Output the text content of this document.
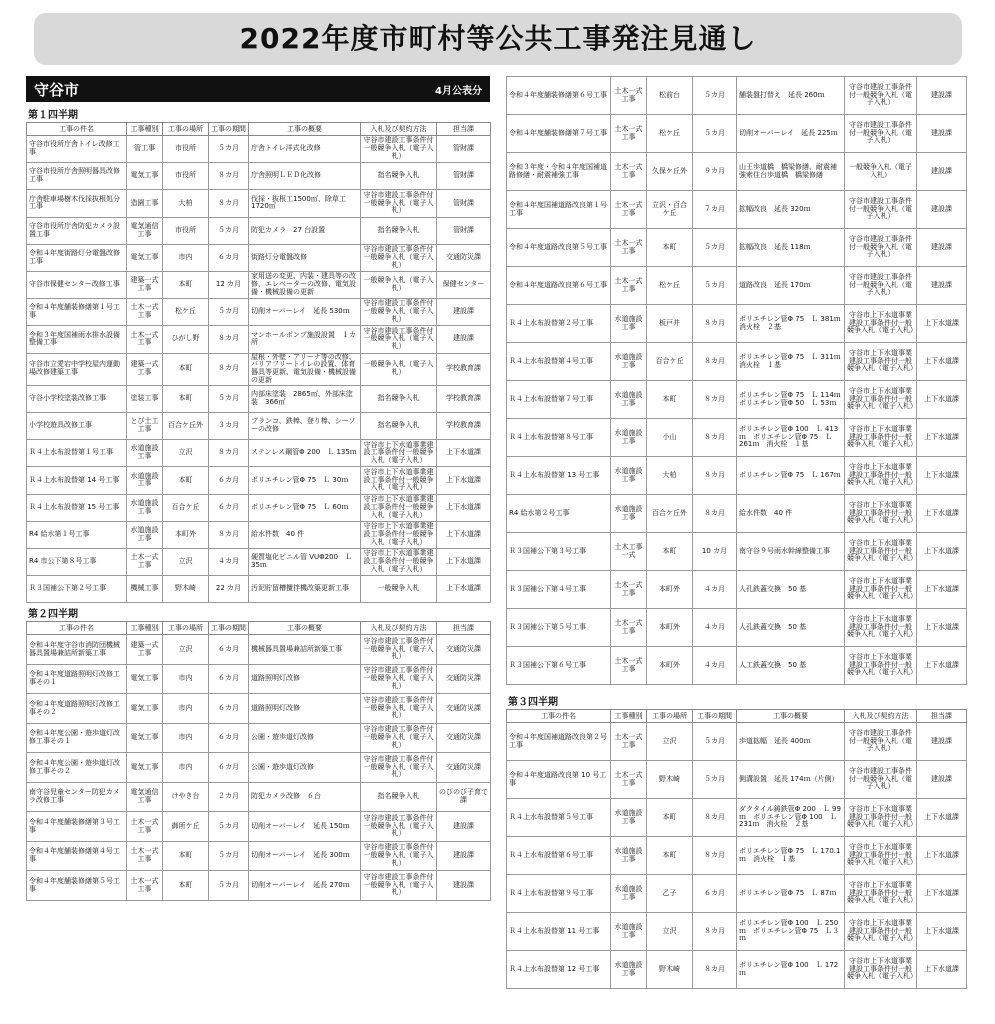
2022年度市町村等公共工事発注見通し
守谷市	4月公表分
第１四半期
工事の件名	工事種別	工事の場所	工事の期間	工事の概要	入札及び契約方法	担当課
守谷市役所庁舎トイレ改修工事	管工事	市役所	５カ月	庁舎トイレ洋式化改修	守谷市建設工事条件付一般競争入札（電子入札）	管財課
守谷市役所庁舎照明器具改修工事	電気工事	市役所	８カ月	庁舎照明ＬＥＤ化改修	指名競争入札	管財課
庁舎駐車場樹木伐採抜根処分工事	造園工事	大柏	８カ月	伐採・抜根工1500㎡、除草工 1720㎡	守谷市建設工事条件付一般競争入札（電子入札）	管財課
守谷市役所庁舎防犯カメラ設置工事	電気通信工事	市役所	５カ月	防犯カメラ　27 台設置	指名競争入札	管財課
令和４年度街路灯分電盤改修工事	電気工事	市内	６カ月	街路灯分電盤改修	守谷市建設工事条件付一般競争入札（電子入札）	交通防災課
守谷市保健センター改修工事	建築一式工事	本町	12 カ月	家用送の変更、内装・建具等の改修、エレベーターの改修、電気設備・機械設備の更新	一般競争入札（電子入札）	保健センター
令和４年度舗装修繕第１号工事	土木一式工事	松ケ丘	５カ月	切削オーバーレイ　延長 530ｍ	守谷市建設工事条件付一般競争入札（電子入札）	建設課
令和３年度国補雨水排水設備整備工事	土木一式工事	ひがし野	８カ月	マンホールポンプ施設設置　１カ所	守谷市建設工事条件付一般競争入札（電子入札）	建設課
守谷市立愛宕中学校屋内運動場改修建築工事	建築一式工事	本町	８カ月	屋根・外壁・アリーナ等の改修、バリアフリートイレの設置、体育器具等更新、電気設備・機械設備の更新	一般競争入札（電子入札）	学校教育課
守谷小学校塗装改修工事	塗装工事	本町	５カ月	内部床塗装　2865㎡、外部床塗装　366㎡	指名競争入札	学校教育課
小学校遊具改修工事	とび土工工事	百合ケ丘外	３カ月	ブランコ、鉄棒、登り棒、シーソーの改修	指名競争入札	学校教育課
Ｒ４上水布設替第１号工事	水道施設工事	立沢	８カ月	ステンレス鋼管Φ 200　Ｌ 135ｍ	守谷市上下水道事業建設工事条件付一般競争入札（電子入札）	上下水道課
Ｒ４上水布設替第 14 号工事	水道施設工事	本町	６カ月	ポリエチレン管Φ 75　Ｌ 30ｍ	守谷市上下水道事業建設工事条件付一般競争入札（電子入札）	上下水道課
Ｒ４上水布設替第 15 号工事	水道施設工事	百合ケ丘	６カ月	ポリエチレン管Φ 75　Ｌ 60ｍ	守谷市上下水道事業建設工事条件付一般競争入札（電子入札）	上下水道課
R4 給水第１号工事	水道施設工事	本町外	８カ月	給水件数　40 件	守谷市上下水道事業建設工事条件付一般競争入札（電子入札）	上下水道課
R4 市公下第８号工事	土木一式工事	立沢	４カ月	硬質塩化ビニル管 VUΦ200　Ｌ 35ｍ	守谷市上下水道事業建設工事条件付一般競争入札（電子入札）	上下水道課
Ｒ３国補公下第２号工事	機械工事	野木崎	22 カ月	汚泥貯留槽攪拌機改築更新工事	一般競争入札	上下水道課
第２四半期
工事の件名	工事種別	工事の場所	工事の期間	工事の概要	入札及び契約方法	担当課
令和４年度守谷市消防団機械器具置場兼詰所新築工事	建築一式工事	立沢	６カ月	機械器具置場兼詰所新築工事	守谷市建設工事条件付一般競争入札（電子入札）	交通防災課
令和４年度道路照明灯改修工事その１	電気工事	市内	６カ月	道路照明灯改修	守谷市建設工事条件付一般競争入札（電子入札）	交通防災課
令和４年度道路照明灯改修工事その２	電気工事	市内	６カ月	道路照明灯改修	守谷市建設工事条件付一般競争入札（電子入札）	交通防災課
令和４年度公園・遊歩道灯改修工事その１	電気工事	市内	６カ月	公園・遊歩道灯改修	守谷市建設工事条件付一般競争入札（電子入札）	交通防災課
令和４年度公園・遊歩道灯改修工事その２	電気工事	市内	６カ月	公園・遊歩道灯改修	守谷市建設工事条件付一般競争入札（電子入札）	交通防災課
南守谷児童センター防犯カメラ改修工事	電気通信工事	けやき台	２カ月	防犯カメラ改修　６台	指名競争入札	のびのび子育て課
令和４年度舗装修繕第３号工事	土木一式工事	御所ケ丘	５カ月	切削オーバーレイ　延長 150ｍ	守谷市建設工事条件付一般競争入札（電子入札）	建設課
令和４年度舗装修繕第４号工事	土木一式工事	本町	５カ月	切削オーバーレイ　延長 300ｍ	守谷市建設工事条件付一般競争入札（電子入札）	建設課
令和４年度舗装修繕第５号工事	土木一式工事	本町	５カ月	切削オーバーレイ　延長 270ｍ	守谷市建設工事条件付一般競争入札（電子入札）	建設課
令和４年度舗装修繕第６号工事	土木一式工事	松前台	５カ月	舗装盤打替え　延長 260ｍ	守谷市建設工事条件付一般競争入札（電子入札）	建設課
令和４年度舗装修繕第７号工事	土木一式工事	松ケ丘	５カ月	切削オーバーレイ　延長 225ｍ	守谷市建設工事条件付一般競争入札（電子入札）	建設課
令和３年度・令和４年度国補道路修繕・耐震補強工事	土木一式工事	久保ケ丘外	９カ月	山王歩道橋　橋梁修繕、耐震補強索住台歩道橋　橋梁修繕	一般競争入札（電子入札）	建設課
令和４年度国補道路改良第１号工事	土木一式工事	立沢・百合ケ丘	７カ月	拡幅改良　延長 320ｍ	守谷市建設工事条件付一般競争入札（電子入札）	建設課
令和４年度道路改良第５号工事	土木一式工事	本町	５カ月	拡幅改良　延長 118ｍ	守谷市建設工事条件付一般競争入札（電子入札）	建設課
令和４年度道路改良第６号工事	土木一式工事	松ケ丘	５カ月	道路改良　延長 170ｍ	守谷市建設工事条件付一般競争入札（電子入札）	建設課
Ｒ４上水布設替第２号工事	水道施設工事	板戸井	８カ月	ポリエチレン管Φ 75　Ｌ 381ｍ　消火栓　２基	守谷市上下水道事業建設工事条件付一般競争入札（電子入札）	上下水道課
Ｒ４上水布設替第４号工事	水道施設工事	百合ケ丘	８カ月	ポリエチレン管Φ 75　Ｌ 311ｍ　消火栓　１基	守谷市上下水道事業建設工事条件付一般競争入札（電子入札）	上下水道課
Ｒ４上水布設替第７号工事	水道施設工事	本町	８カ月	ポリエチレン管Φ 75　Ｌ 114ｍ　ポリエチレン管Φ 50　Ｌ 53ｍ	守谷市上下水道事業建設工事条件付一般競争入札（電子入札）	上下水道課
Ｒ４上水布設替第８号工事	水道施設工事	小山	８カ月	ポリエチレン管Φ 100　Ｌ 413ｍ　ポリエチレン管Φ 75　Ｌ 261ｍ　消火栓　１基	守谷市上下水道事業建設工事条件付一般競争入札（電子入札）	上下水道課
Ｒ４上水布設替第 13 号工事	水道施設工事	大柏	８カ月	ポリエチレン管Φ 75　Ｌ 167ｍ	守谷市上下水道事業建設工事条件付一般競争入札（電子入札）	上下水道課
R4 給水第２号工事	水道施設工事	百合ケ丘外	８カ月	給水件数　40 件	守谷市上下水道事業建設工事条件付一般競争入札（電子入札）	上下水道課
Ｒ３国補公下第３号工事	土木工事一式	本町	10 カ月	南守谷９号雨水幹線整備工事	守谷市上下水道事業建設工事条件付一般競争入札（電子入札）	上下水道課
Ｒ３国補公下第４号工事	土木一式工事	本町外	４カ月	人孔鉄蓋交換　50 基	守谷市上下水道事業建設工事条件付一般競争入札（電子入札）	上下水道課
Ｒ３国補公下第５号工事	土木一式工事	本町外	４カ月	人孔鉄蓋交換　50 基	守谷市上下水道事業建設工事条件付一般競争入札（電子入札）	上下水道課
Ｒ３国補公下第６号工事	土木一式工事	本町外	４カ月	人工鉄蓋交換　50 基	守谷市上下水道事業建設工事条件付一般競争入札（電子入札）	上下水道課
第３四半期
工事の件名	工事種別	工事の場所	工事の期間	工事の概要	入札及び契約方法	担当課
令和４年度国補道路改良第２号工事	土木一式工事	立沢	５カ月	歩道拡幅　延長 400ｍ	守谷市建設工事条件付一般競争入札（電子入札）	建設課
令和４年度道路改良第 10 号工事	土木一式工事	野木崎	５カ月	側溝設置　延長 174ｍ（片側）	守谷市建設工事条件付一般競争入札（電子入札）	建設課
Ｒ４上水布設替第５号工事	水道施設工事	本町	８カ月	ダクタイル鋳鉄管Φ 200　Ｌ 99ｍ　ポリエチレン管Φ 100　Ｌ 231ｍ　消火栓　２基	守谷市上下水道事業建設工事条件付一般競争入札（電子入札）	上下水道課
Ｒ４上水布設替第６号工事	水道施設工事	本町	８カ月	ポリエチレン管Φ 75　Ｌ 170.1ｍ　消火栓　１基	守谷市上下水道事業建設工事条件付一般競争入札（電子入札）	上下水道課
Ｒ４上水布設替第９号工事	水道施設工事	乙子	６カ月	ポリエチレン管Φ 75　Ｌ 87ｍ	守谷市上下水道事業建設工事条件付一般競争入札（電子入札）	上下水道課
Ｒ４上水布設替第 11 号工事	水道施設工事	立沢	８カ月	ポリエチレン管Φ 100　Ｌ 250ｍ　ポリエチレン管Φ 75　Ｌ３ｍ	守谷市上下水道事業建設工事条件付一般競争入札（電子入札）	上下水道課
Ｒ４上水布設替第 12 号工事	水道施設工事	野木崎	８カ月	ポリエチレン管Φ 100　Ｌ 172ｍ	守谷市上下水道事業建設工事条件付一般競争入札（電子入札）	上下水道課
